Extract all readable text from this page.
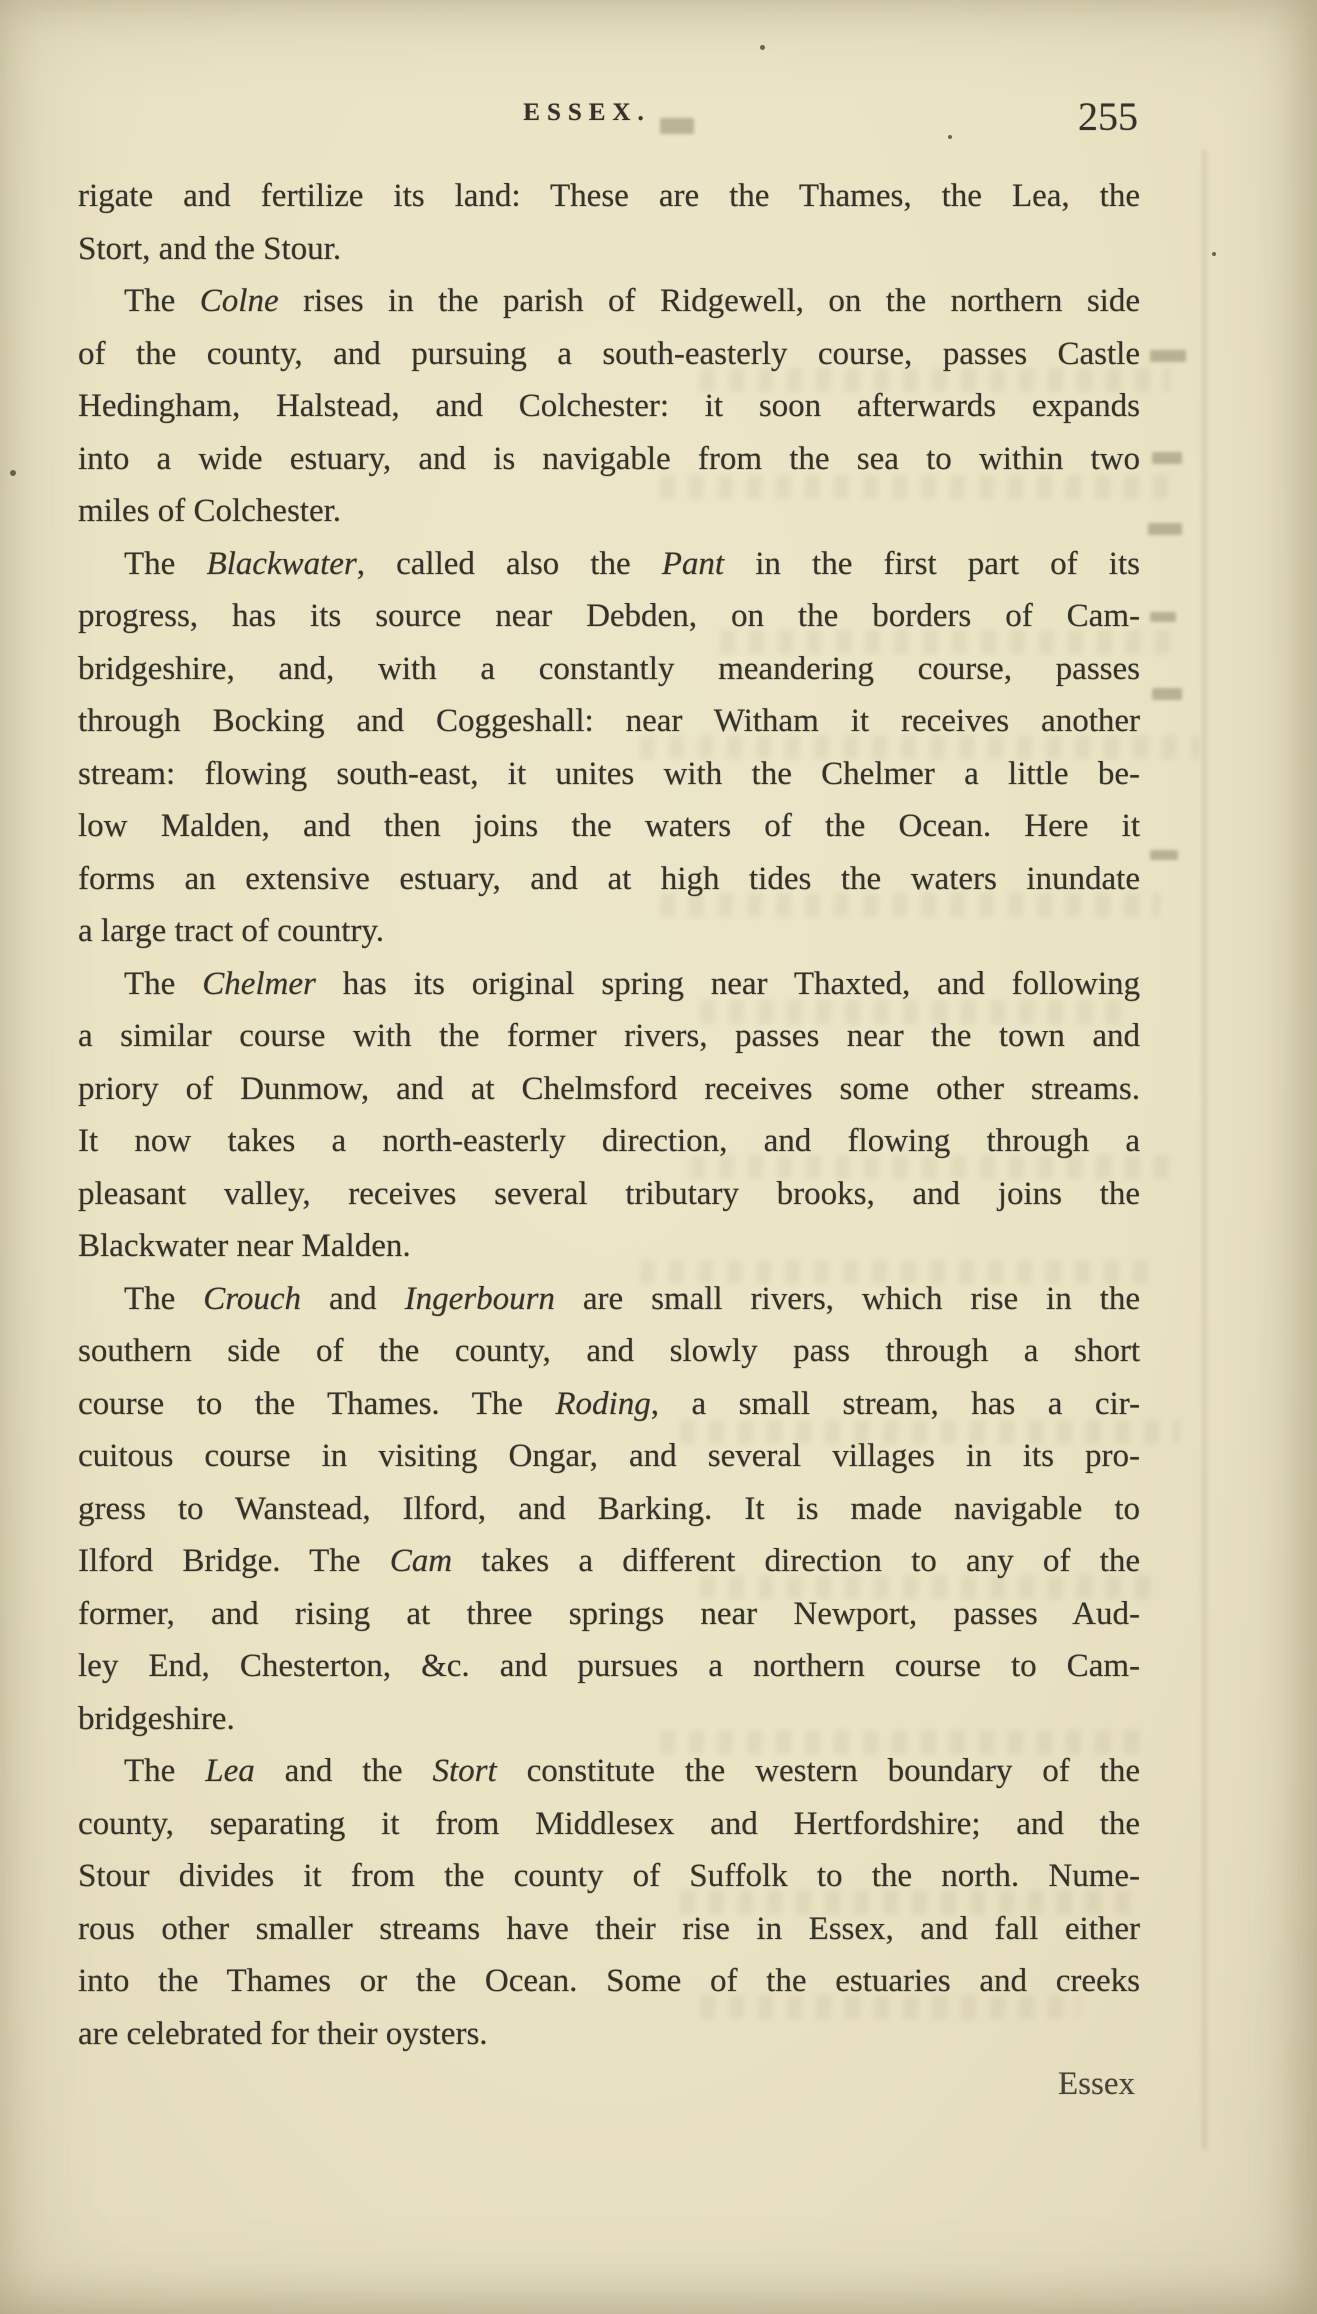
ESSEX.	255
rigate and fertilize its land: These are the Thames, the Lea, the
Stort, and the Stour.
The Colne rises in the parish of Ridgewell, on the northern side
of the county, and pursuing a south-easterly course, passes Castle
Hedingham, Halstead, and Colchester: it soon afterwards expands
into a wide estuary, and is navigable from the sea to within two
miles of Colchester.
The Blackwater, called also the Pant in the first part of its
progress, has its source near Debden, on the borders of Cam-
bridgeshire, and, with a constantly meandering course, passes
through Bocking and Coggeshall: near Witham it receives another
stream: flowing south-east, it unites with the Chelmer a little be-
low Malden, and then joins the waters of the Ocean. Here it
forms an extensive estuary, and at high tides the waters inundate
a large tract of country.
The Chelmer has its original spring near Thaxted, and following
a similar course with the former rivers, passes near the town and
priory of Dunmow, and at Chelmsford receives some other streams.
It now takes a north-easterly direction, and flowing through a
pleasant valley, receives several tributary brooks, and joins the
Blackwater near Malden.
The Crouch and Ingerbourn are small rivers, which rise in the
southern side of the county, and slowly pass through a short
course to the Thames. The Roding, a small stream, has a cir-
cuitous course in visiting Ongar, and several villages in its pro-
gress to Wanstead, Ilford, and Barking. It is made navigable to
Ilford Bridge. The Cam takes a different direction to any of the
former, and rising at three springs near Newport, passes Aud-
ley End, Chesterton, &c. and pursues a northern course to Cam-
bridgeshire.
The Lea and the Stort constitute the western boundary of the
county, separating it from Middlesex and Hertfordshire; and the
Stour divides it from the county of Suffolk to the north. Nume-
rous other smaller streams have their rise in Essex, and fall either
into the Thames or the Ocean. Some of the estuaries and creeks
are celebrated for their oysters.
Essex
